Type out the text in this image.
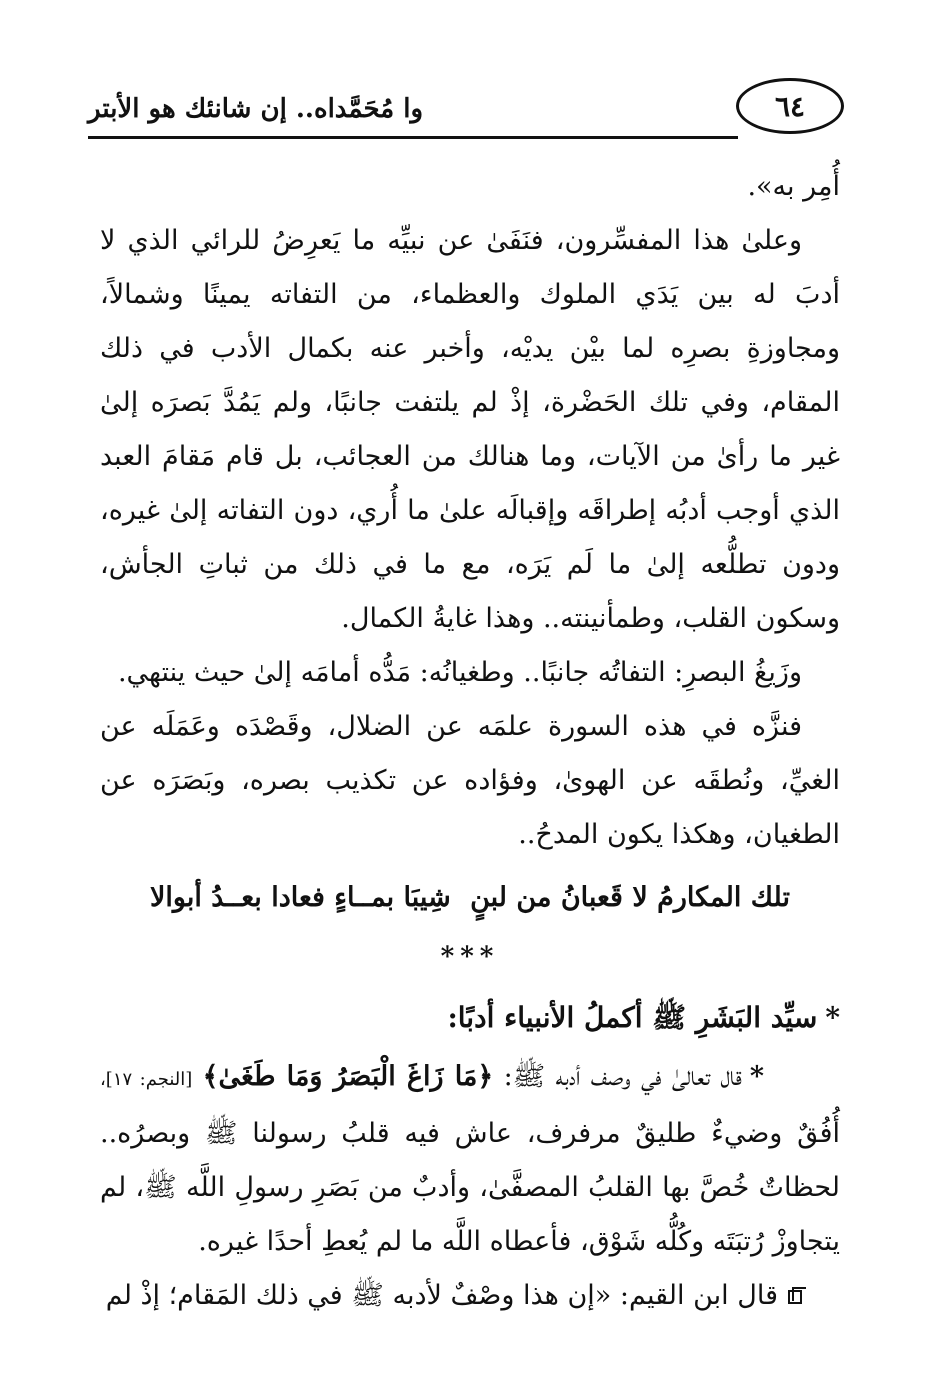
٦٤
وا مُحَمَّداه.. إن شانئك هو الأبتر

أُمِر به».

وعلىٰ هذا المفسِّرون، فنَفَىٰ عن نبيِّه ما يَعرِضُ للرائي الذي لا أدبَ له بين يَدَي الملوك والعظماء، من التفاته يمينًا وشمالاً، ومجاوزةِ بصرِه لما بيْن يديْه، وأخبر عنه بكمال الأدب في ذلك المقام، وفي تلك الحَضْرة، إذْ لم يلتفت جانبًا، ولم يَمُدَّ بَصرَه إلىٰ غير ما رأىٰ من الآيات، وما هنالك من العجائب، بل قام مَقامَ العبد الذي أوجب أدبُه إطراقَه وإقبالَه علىٰ ما أُري، دون التفاته إلىٰ غيره، ودون تطلُّعه إلىٰ ما لَم يَرَه، مع ما في ذلك من ثباتِ الجأش، وسكون القلب، وطمأنينته.. وهذا غايةُ الكمال.

وزَيغُ البصرِ: التفاتُه جانبًا.. وطغيانُه: مَدُّه أمامَه إلىٰ حيث ينتهي.

فنزَّه في هذه السورة علمَه عن الضلال، وقَصْدَه وعَمَلَه عن الغيِّ، ونُطقَه عن الهوىٰ، وفؤاده عن تكذيب بصره، وبَصَرَه عن الطغيان، وهكذا يكون المدحُ..

تلك المكارمُ لا قَعبانُ من لبنٍ
شِيبَا بمــاءٍ فعادا بعــدُ أبوالا
***

*سيِّد البَشَرِ ﷺ أكملُ الأنبياء أدبًا:

*قال تعالىٰ في وصف أدبه ﷺ: ﴿مَا زَاغَ الْبَصَرُ وَمَا طَغَىٰ﴾ [النجم: ١٧]، أُفُقٌ وضيءٌ طليقٌ مرفرف، عاش فيه قلبُ رسولنا ﷺ وبصرُه.. لحظاتٌ خُصَّ بها القلبُ المصفَّىٰ، وأدبٌ من بَصَرِ رسولِ اللَّه ﷺ، لم يتجاوزْ رُتبَتَه وكُلُّه شَوْق، فأعطاه اللَّه ما لم يُعطِ أحدًا غيره.

قال ابن القيم: «إن هذا وصْفٌ لأدبه ﷺ في ذلك المَقام؛ إذْ لم
